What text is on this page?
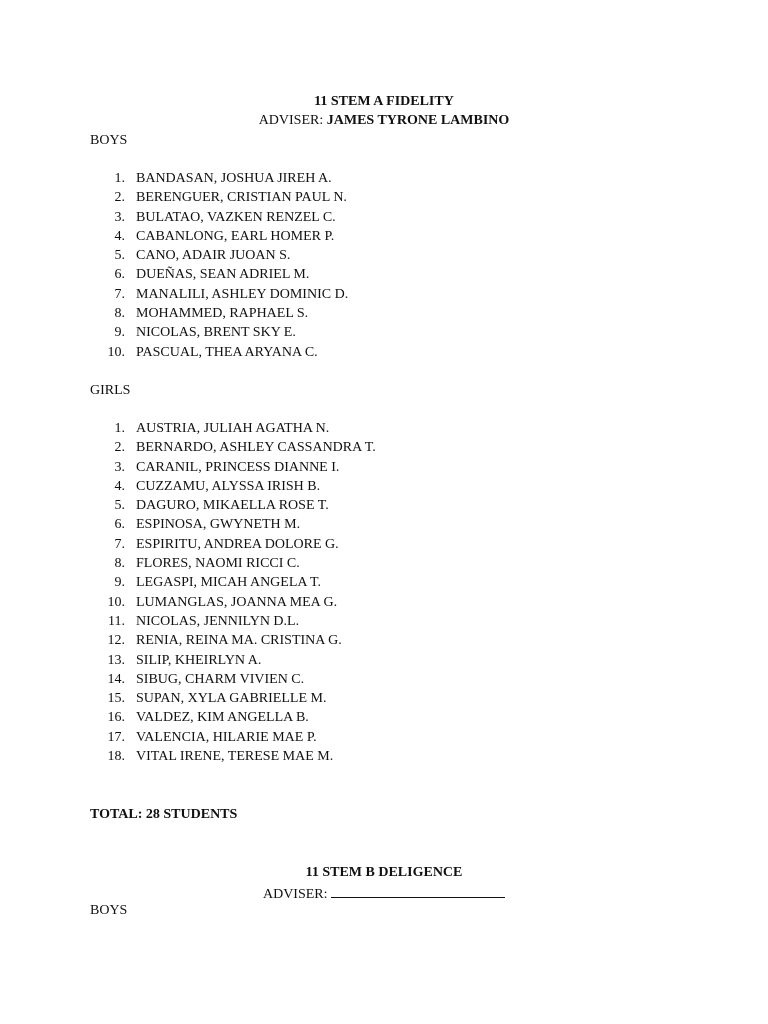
11 STEM A FIDELITY
ADVISER: JAMES TYRONE LAMBINO
BOYS
1. BANDASAN, JOSHUA JIREH A.
2. BERENGUER, CRISTIAN PAUL N.
3. BULATAO, VAZKEN RENZEL C.
4. CABANLONG, EARL HOMER P.
5. CANO, ADAIR JUOAN S.
6. DUEÑAS, SEAN ADRIEL M.
7. MANALILI, ASHLEY DOMINIC D.
8. MOHAMMED, RAPHAEL S.
9. NICOLAS, BRENT SKY E.
10. PASCUAL, THEA ARYANA C.
GIRLS
1. AUSTRIA, JULIAH AGATHA N.
2. BERNARDO, ASHLEY CASSANDRA T.
3. CARANIL, PRINCESS DIANNE I.
4. CUZZAMU, ALYSSA IRISH B.
5. DAGURO, MIKAELLA ROSE T.
6. ESPINOSA, GWYNETH M.
7. ESPIRITU, ANDREA DOLORE G.
8. FLORES, NAOMI RICCI C.
9. LEGASPI, MICAH ANGELA T.
10. LUMANGLAS, JOANNA MEA G.
11. NICOLAS, JENNILYN D.L.
12. RENIA, REINA MA. CRISTINA G.
13. SILIP, KHEIRLYN A.
14. SIBUG, CHARM VIVIEN C.
15. SUPAN, XYLA GABRIELLE M.
16. VALDEZ, KIM ANGELLA B.
17. VALENCIA, HILARIE MAE P.
18. VITAL IRENE, TERESE MAE M.
TOTAL: 28 STUDENTS
11 STEM B DELIGENCE
ADVISER:
BOYS
